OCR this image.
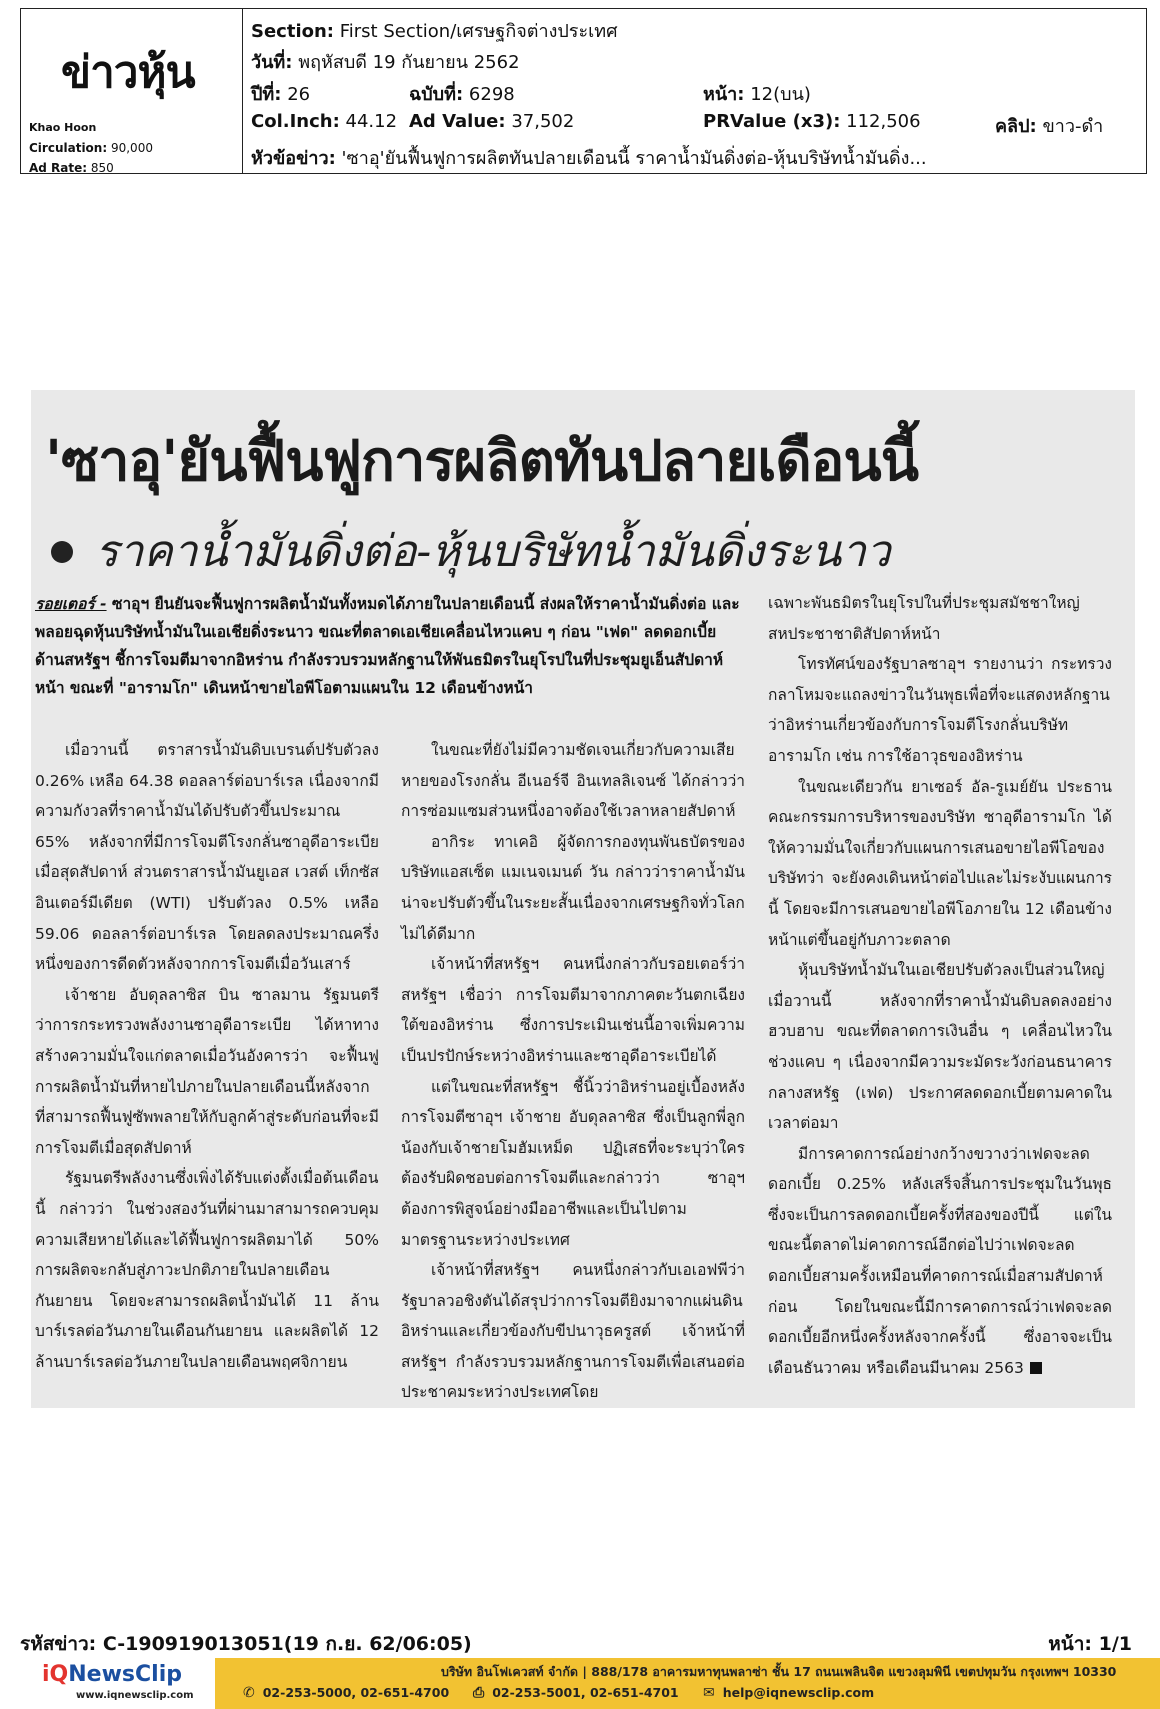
ข่าวหุ้น
Khao Hoon
Circulation: 90,000
Ad Rate: 850
Section: First Section/เศรษฐกิจต่างประเทศ
วันที่: พฤหัสบดี 19 กันยายน 2562
ปีที่: 26	ฉบับที่: 6298	หน้า: 12(บน)
Col.Inch: 44.12 Ad Value: 37,502	PRValue (x3): 112,506	คลิป: ขาว-ดำ
หัวข้อข่าว: 'ซาอุ'ยันฟื้นฟูการผลิตทันปลายเดือนนี้ ราคาน้ำมันดิ่งต่อ-หุ้นบริษัทน้ำมันดิ่ง...
'ซาอุ'ยันฟื้นฟูการผลิตทันปลายเดือนนี้
ราคาน้ำมันดิ่งต่อ-หุ้นบริษัทน้ำมันดิ่งระนาว
รอยเตอร์ - ซาอุฯ ยืนยันจะฟื้นฟูการผลิตน้ำมันทั้งหมดได้ภายในปลายเดือนนี้ ส่งผลให้ราคาน้ำมันดิ่งต่อ และพลอยฉุดหุ้นบริษัทน้ำมันในเอเชียดิ่งระนาว ขณะที่ตลาดเอเชียเคลื่อนไหวแคบ ๆ ก่อน "เฟด" ลดดอกเบี้ย ด้านสหรัฐฯ ชี้การโจมตีมาจากอิหร่าน กำลังรวบรวมหลักฐานให้พันธมิตรในยุโรปในที่ประชุมยูเอ็นสัปดาห์หน้า ขณะที่ "อารามโก" เดินหน้าขายไอพีโอตามแผนใน 12 เดือนข้างหน้า

เมื่อวานนี้ ตราสารน้ำมันดิบเบรนต์ปรับตัวลง 0.26% เหลือ 64.38 ดอลลาร์ต่อบาร์เรล เนื่องจากมีความกังวลที่ราคาน้ำมันได้ปรับตัวขึ้นประมาณ 65% หลังจากที่มีการโจมตีโรงกลั่นซาอุดีอาระเบียเมื่อสุดสัปดาห์ ส่วนตราสารน้ำมันยูเอส เวสต์ เท็กซัส อินเตอร์มีเดียต (WTI) ปรับตัวลง 0.5% เหลือ 59.06 ดอลลาร์ต่อบาร์เรล โดยลดลงประมาณครึ่งหนึ่งของการดีดตัวหลังจากการโจมตีเมื่อวันเสาร์

เจ้าชาย อับดุลลาซิส บิน ซาลมาน รัฐมนตรีว่าการกระทรวงพลังงานซาอุดีอาระเบีย ได้หาทางสร้างความมั่นใจแก่ตลาดเมื่อวันอังคารว่า จะฟื้นฟูการผลิตน้ำมันที่หายไปภายในปลายเดือนนี้หลังจากที่สามารถฟื้นฟูซัพพลายให้กับลูกค้าสู่ระดับก่อนที่จะมีการโจมตีเมื่อสุดสัปดาห์

รัฐมนตรีพลังงานซึ่งเพิ่งได้รับแต่งตั้งเมื่อต้นเดือนนี้ กล่าวว่า ในช่วงสองวันที่ผ่านมาสามารถควบคุมความเสียหายได้และได้ฟื้นฟูการผลิตมาได้ 50% การผลิตจะกลับสู่ภาวะปกติภายในปลายเดือนกันยายน โดยจะสามารถผลิตน้ำมันได้ 11 ล้านบาร์เรลต่อวันภายในเดือนกันยายน และผลิตได้ 12 ล้านบาร์เรลต่อวันภายในปลายเดือนพฤศจิกายน

ในขณะที่ยังไม่มีความชัดเจนเกี่ยวกับความเสียหายของโรงกลั่น อีเนอร์จี อินเทลลิเจนซ์ ได้กล่าวว่า การซ่อมแซมส่วนหนึ่งอาจต้องใช้เวลาหลายสัปดาห์

อากิระ ทาเคอิ ผู้จัดการกองทุนพันธบัตรของบริษัทแอสเซ็ต แมเนจเมนต์ วัน กล่าวว่าราคาน้ำมันน่าจะปรับตัวขึ้นในระยะสั้นเนื่องจากเศรษฐกิจทั่วโลกไม่ได้ดีมาก

เจ้าหน้าที่สหรัฐฯ คนหนึ่งกล่าวกับรอยเตอร์ว่า สหรัฐฯ เชื่อว่า การโจมตีมาจากภาคตะวันตกเฉียงใต้ของอิหร่าน ซึ่งการประเมินเช่นนี้อาจเพิ่มความเป็นปรปักษ์ระหว่างอิหร่านและซาอุดีอาระเบียได้

แต่ในขณะที่สหรัฐฯ ชี้นิ้วว่าอิหร่านอยู่เบื้องหลังการโจมตีซาอุฯ เจ้าชาย อับดุลลาซิส ซึ่งเป็นลูกพี่ลูกน้องกับเจ้าชายโมฮัมเหม็ด ปฏิเสธที่จะระบุว่าใครต้องรับผิดชอบต่อการโจมตีและกล่าวว่า ซาอุฯ ต้องการพิสูจน์อย่างมืออาชีพและเป็นไปตามมาตรฐานระหว่างประเทศ

เจ้าหน้าที่สหรัฐฯ คนหนึ่งกล่าวกับเอเอฟพีว่า รัฐบาลวอชิงตันได้สรุปว่าการโจมตียิงมาจากแผ่นดินอิหร่านและเกี่ยวข้องกับขีปนาวุธครูสต์ เจ้าหน้าที่สหรัฐฯ กำลังรวบรวมหลักฐานการโจมตีเพื่อเสนอต่อประชาคมระหว่างประเทศโดย

เฉพาะพันธมิตรในยุโรปในที่ประชุมสมัชชาใหญ่สหประชาชาติสัปดาห์หน้า

โทรทัศน์ของรัฐบาลซาอุฯ รายงานว่า กระทรวงกลาโหมจะแถลงข่าวในวันพุธเพื่อที่จะแสดงหลักฐานว่าอิหร่านเกี่ยวข้องกับการโจมตีโรงกลั่นบริษัทอารามโก เช่น การใช้อาวุธของอิหร่าน

ในขณะเดียวกัน ยาเซอร์ อัล-รูเมย์ยัน ประธานคณะกรรมการบริหารของบริษัท ซาอุดีอารามโก ได้ให้ความมั่นใจเกี่ยวกับแผนการเสนอขายไอพีโอของบริษัทว่า จะยังคงเดินหน้าต่อไปและไม่ระงับแผนการนี้ โดยจะมีการเสนอขายไอพีโอภายใน 12 เดือนข้างหน้าแต่ขึ้นอยู่กับภาวะตลาด

หุ้นบริษัทน้ำมันในเอเชียปรับตัวลงเป็นส่วนใหญ่เมื่อวานนี้ หลังจากที่ราคาน้ำมันดิบลดลงอย่างฮวบฮาบ ขณะที่ตลาดการเงินอื่น ๆ เคลื่อนไหวในช่วงแคบ ๆ เนื่องจากมีความระมัดระวังก่อนธนาคารกลางสหรัฐ (เฟด) ประกาศลดดอกเบี้ยตามคาดในเวลาต่อมา

มีการคาดการณ์อย่างกว้างขวางว่าเฟดจะลดดอกเบี้ย 0.25% หลังเสร็จสิ้นการประชุมในวันพุธ ซึ่งจะเป็นการลดดอกเบี้ยครั้งที่สองของปีนี้ แต่ในขณะนี้ตลาดไม่คาดการณ์อีกต่อไปว่าเฟดจะลดดอกเบี้ยสามครั้งเหมือนที่คาดการณ์เมื่อสามสัปดาห์ก่อน โดยในขณะนี้มีการคาดการณ์ว่าเฟดจะลดดอกเบี้ยอีกหนึ่งครั้งหลังจากครั้งนี้ ซึ่งอาจจะเป็นเดือนธันวาคม หรือเดือนมีนาคม 2563

รหัสข่าว: C-190919013051(19 ก.ย. 62/06:05)	หน้า: 1/1
iQNewsClip
www.iqnewsclip.com
บริษัท อินโฟเควสท์ จำกัด | 888/178 อาคารมหาทุนพลาซ่า ชั้น 17 ถนนเพลินจิต แขวงลุมพินี เขตปทุมวัน กรุงเทพฯ 10330
✆ 02-253-5000, 02-651-4700 ⎙ 02-253-5001, 02-651-4701 ✉ help@iqnewsclip.com
